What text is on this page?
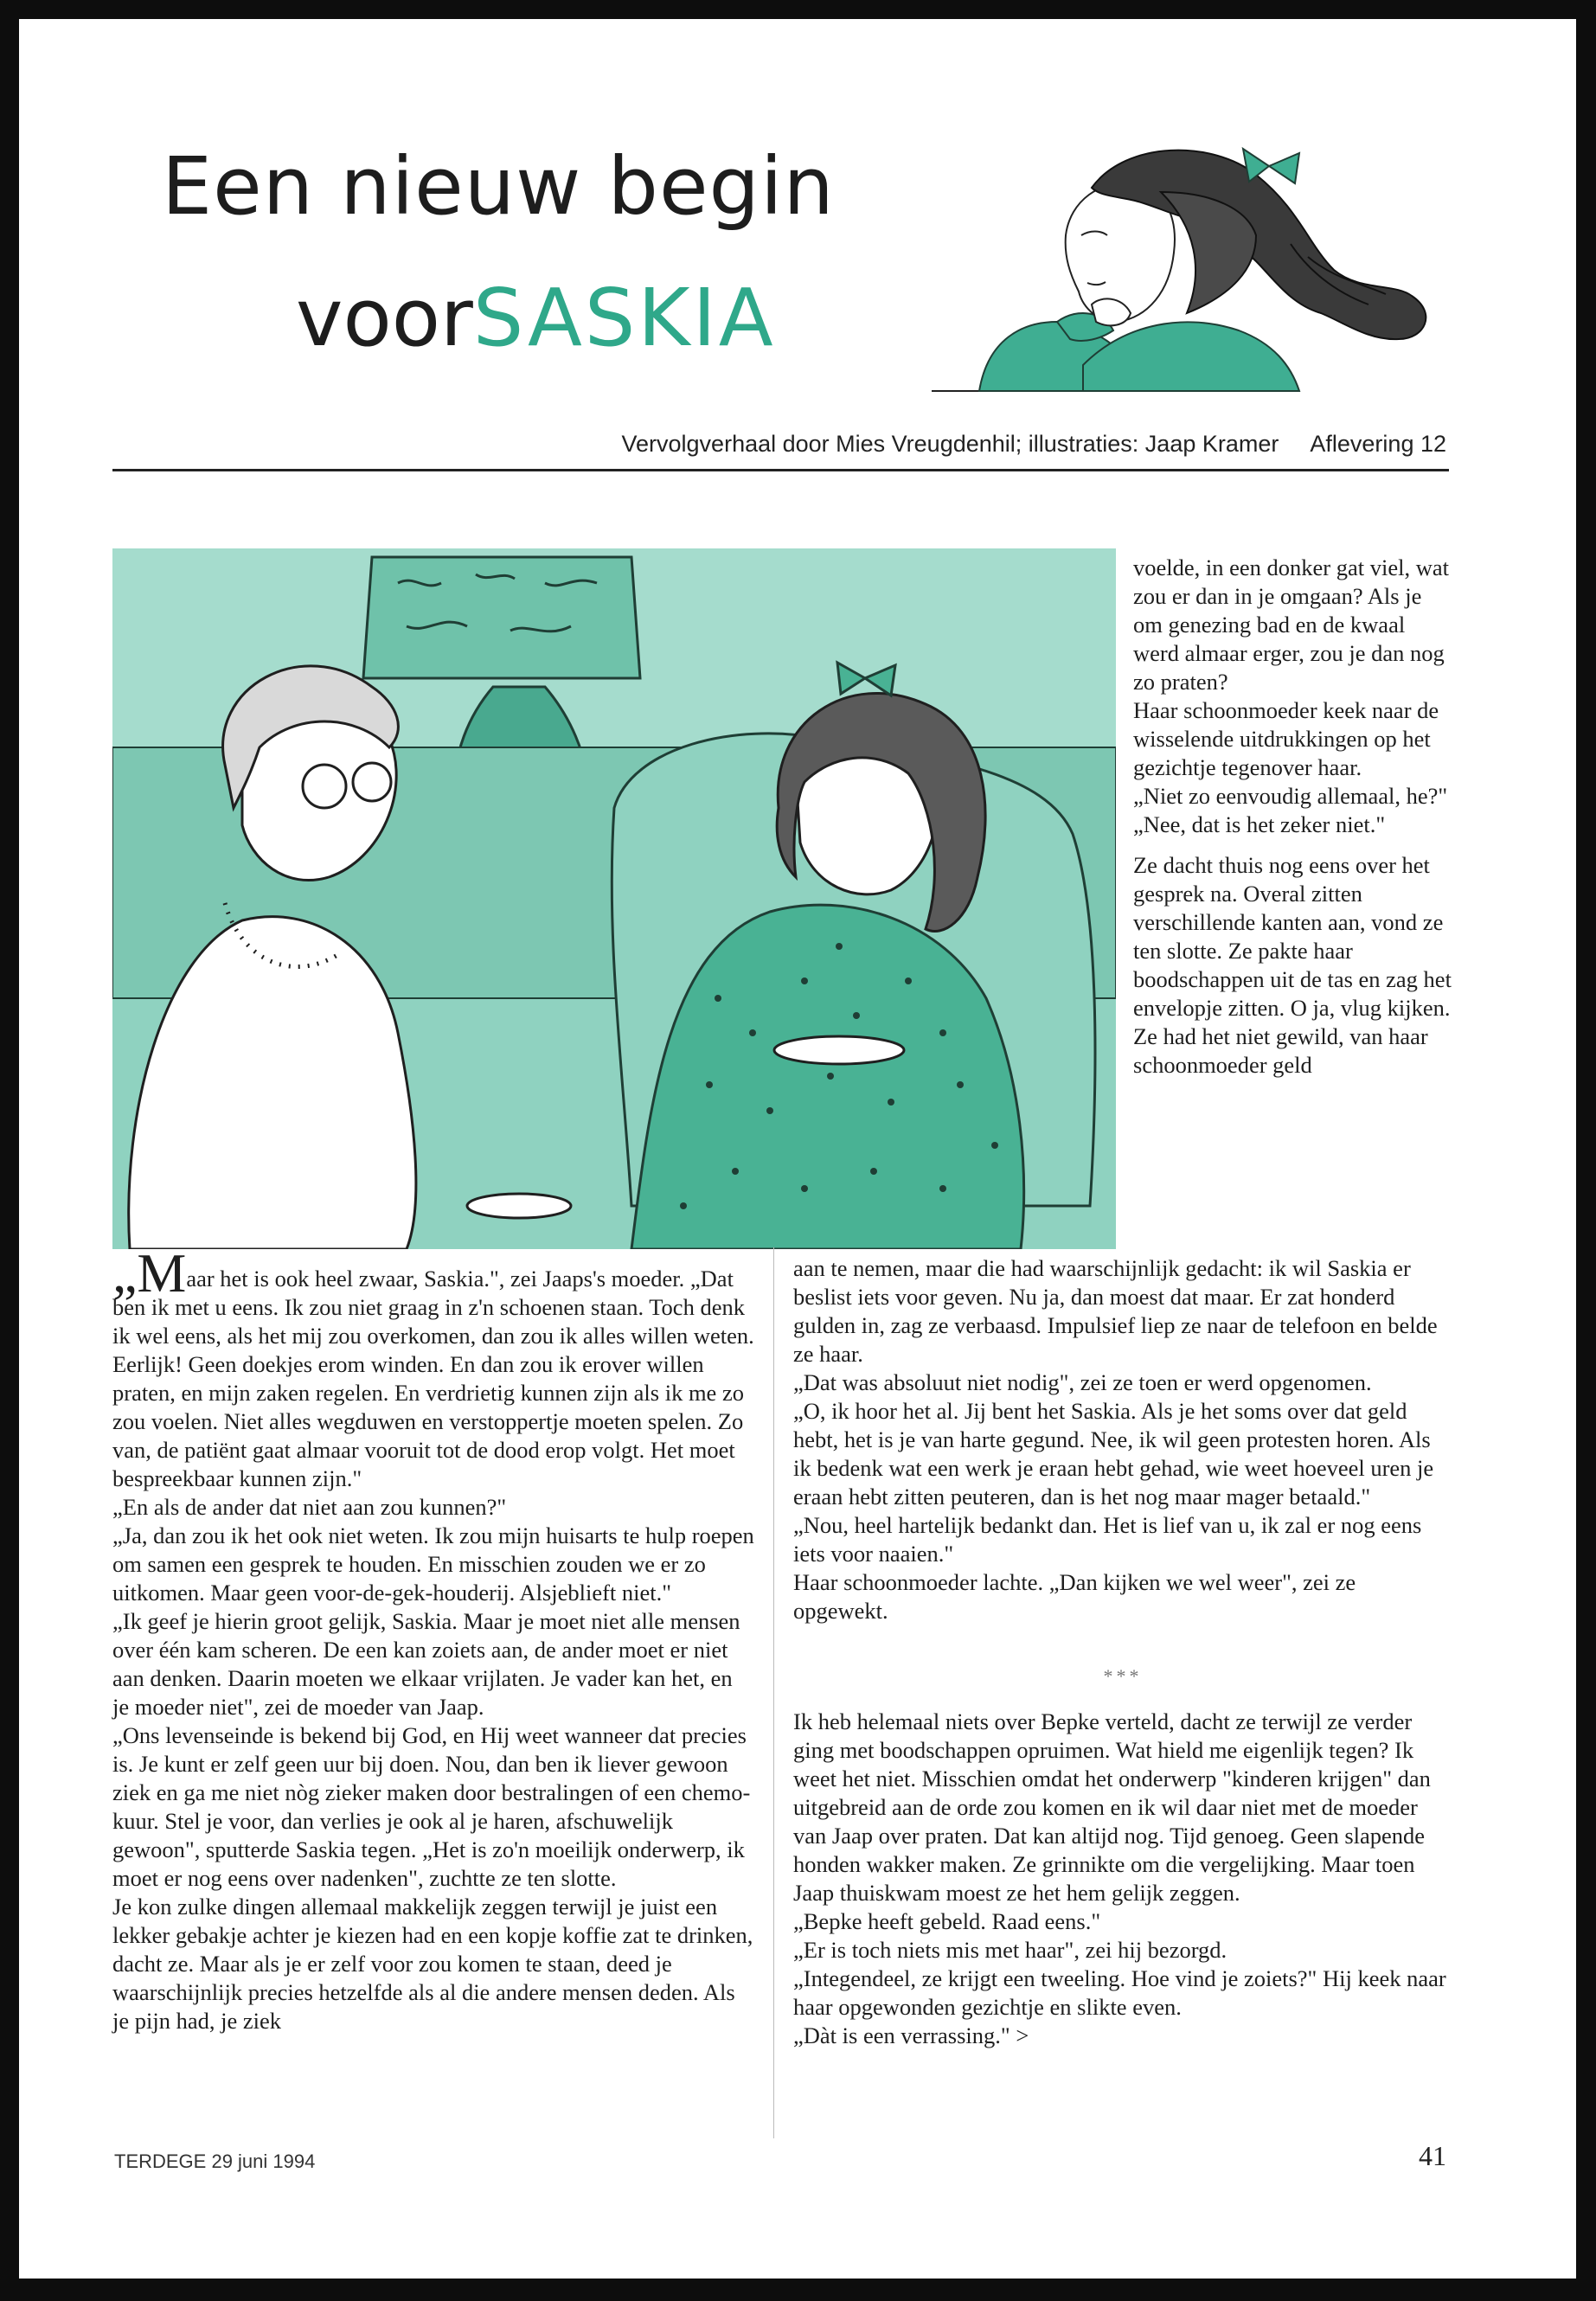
Een nieuw begin
voorSASKIA

Vervolgverhaal door Mies Vreugdenhil; illustraties: Jaap Kramer Aflevering 12

voelde, in een donker gat viel, wat zou er dan in je omgaan? Als je om genezing bad en de kwaal werd almaar erger, zou je dan nog zo praten?

Haar schoonmoeder keek naar de wisselende uitdrukkingen op het gezichtje tegenover haar.

„Niet zo eenvoudig allemaal, he?"

„Nee, dat is het zeker niet."

Ze dacht thuis nog eens over het gesprek na. Overal zitten verschillende kanten aan, vond ze ten slotte. Ze pakte haar boodschappen uit de tas en zag het envelopje zitten. O ja, vlug kijken.

Ze had het niet gewild, van haar schoonmoeder geld

„Maar het is ook heel zwaar, Saskia.", zei Jaaps's moeder. „Dat ben ik met u eens. Ik zou niet graag in z'n schoenen staan. Toch denk ik wel eens, als het mij zou overkomen, dan zou ik alles willen weten. Eerlijk! Geen doekjes erom winden. En dan zou ik erover willen praten, en mijn zaken regelen. En verdrietig kunnen zijn als ik me zo zou voelen. Niet alles wegduwen en verstoppertje moeten spelen. Zo van, de patiënt gaat almaar vooruit tot de dood erop volgt. Het moet bespreekbaar kunnen zijn."

„En als de ander dat niet aan zou kunnen?"

„Ja, dan zou ik het ook niet weten. Ik zou mijn huisarts te hulp roepen om samen een gesprek te houden. En misschien zouden we er zo uitkomen. Maar geen voor-de-gek-houderij. Alsjeblieft niet."

„Ik geef je hierin groot gelijk, Saskia. Maar je moet niet alle mensen over één kam scheren. De een kan zoiets aan, de ander moet er niet aan denken. Daarin moeten we elkaar vrijlaten. Je vader kan het, en je moeder niet", zei de moeder van Jaap.

„Ons levenseinde is bekend bij God, en Hij weet wanneer dat precies is. Je kunt er zelf geen uur bij doen. Nou, dan ben ik liever gewoon ziek en ga me niet nòg zieker maken door bestralingen of een chemo-kuur. Stel je voor, dan verlies je ook al je haren, afschuwelijk gewoon", sputterde Saskia tegen. „Het is zo'n moeilijk onderwerp, ik moet er nog eens over nadenken", zuchtte ze ten slotte.

Je kon zulke dingen allemaal makkelijk zeggen terwijl je juist een lekker gebakje achter je kiezen had en een kopje koffie zat te drinken, dacht ze. Maar als je er zelf voor zou komen te staan, deed je waarschijnlijk precies hetzelfde als al die andere mensen deden. Als je pijn had, je ziek

aan te nemen, maar die had waarschijnlijk gedacht: ik wil Saskia er beslist iets voor geven. Nu ja, dan moest dat maar. Er zat honderd gulden in, zag ze verbaasd. Impulsief liep ze naar de telefoon en belde ze haar.

„Dat was absoluut niet nodig", zei ze toen er werd opgenomen.

„O, ik hoor het al. Jij bent het Saskia. Als je het soms over dat geld hebt, het is je van harte gegund. Nee, ik wil geen protesten horen. Als ik bedenk wat een werk je eraan hebt gehad, wie weet hoeveel uren je eraan hebt zitten peuteren, dan is het nog maar mager betaald."

„Nou, heel hartelijk bedankt dan. Het is lief van u, ik zal er nog eens iets voor naaien."

Haar schoonmoeder lachte. „Dan kijken we wel weer", zei ze opgewekt.

***

Ik heb helemaal niets over Bepke verteld, dacht ze terwijl ze verder ging met boodschappen opruimen. Wat hield me eigenlijk tegen? Ik weet het niet. Misschien omdat het onderwerp "kinderen krijgen" dan uitgebreid aan de orde zou komen en ik wil daar niet met de moeder van Jaap over praten. Dat kan altijd nog. Tijd genoeg. Geen slapende honden wakker maken. Ze grinnikte om die vergelijking. Maar toen Jaap thuiskwam moest ze het hem gelijk zeggen.

„Bepke heeft gebeld. Raad eens."

„Er is toch niets mis met haar", zei hij bezorgd.

„Integendeel, ze krijgt een tweeling. Hoe vind je zoiets?" Hij keek naar haar opgewonden gezichtje en slikte even.

„Dàt is een verrassing." >

TERDEGE 29 juni 1994	41
